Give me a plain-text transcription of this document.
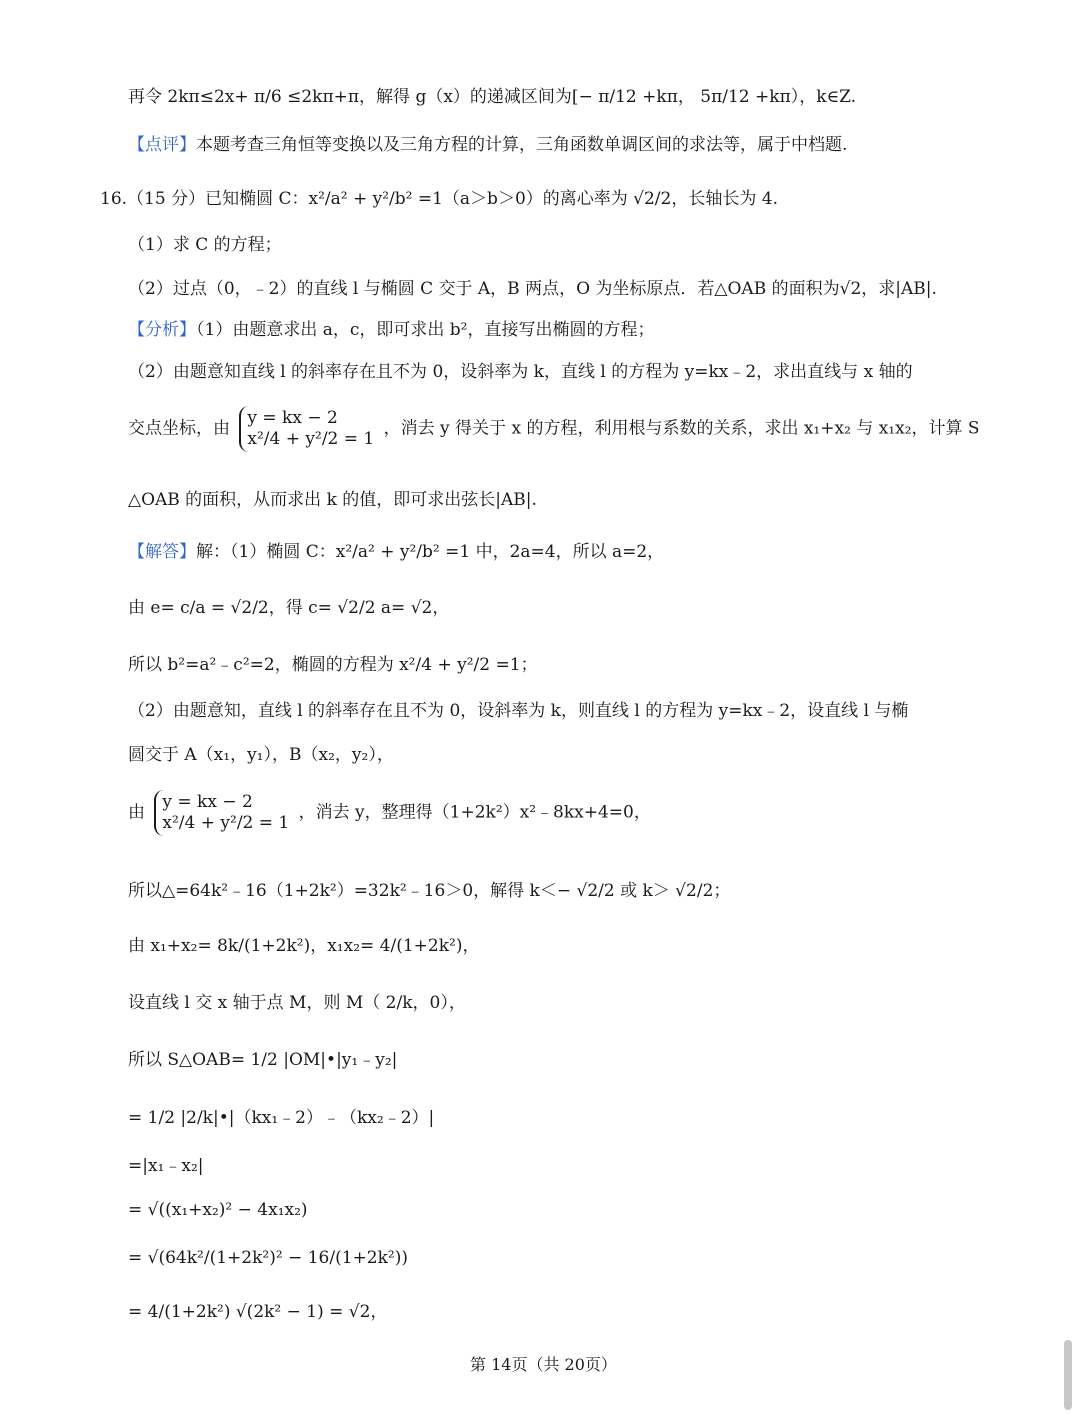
再令 2kπ≤2x+ π/6 ≤2kπ+π，解得 g（x）的递减区间为[− π/12 +kπ， 5π/12 +kπ），k∈Z.
【点评】本题考查三角恒等变换以及三角方程的计算，三角函数单调区间的求法等，属于中档题.
16.（15 分）已知椭圆 C：x²/a² + y²/b² =1（a＞b＞0）的离心率为 √2/2，长轴长为 4.
（1）求 C 的方程；
（2）过点（0，﹣2）的直线 l 与椭圆 C 交于 A，B 两点，O 为坐标原点．若△OAB 的面积为√2，求|AB|.
【分析】（1）由题意求出 a，c，即可求出 b²，直接写出椭圆的方程；
（2）由题意知直线 l 的斜率存在且不为 0，设斜率为 k，直线 l 的方程为 y=kx﹣2，求出直线与 x 轴的
交点坐标，由
y = kx − 2
x²/4 + y²/2 = 1
，消去 y 得关于 x 的方程，利用根与系数的关系，求出 x₁+x₂ 与 x₁x₂，计算 S
△OAB 的面积，从而求出 k 的值，即可求出弦长|AB|.
【解答】解：（1）椭圆 C：x²/a² + y²/b² =1 中，2a=4，所以 a=2，
由 e= c/a = √2/2，得 c= √2/2 a= √2，
所以 b²=a²﹣c²=2，椭圆的方程为 x²/4 + y²/2 =1；
（2）由题意知，直线 l 的斜率存在且不为 0，设斜率为 k，则直线 l 的方程为 y=kx﹣2，设直线 l 与椭
圆交于 A（x₁，y₁），B（x₂，y₂），
由
y = kx − 2
x²/4 + y²/2 = 1
，消去 y，整理得（1+2k²）x²﹣8kx+4=0，
所以△=64k²﹣16（1+2k²）=32k²﹣16＞0，解得 k＜− √2/2 或 k＞ √2/2；
由 x₁+x₂= 8k/(1+2k²)，x₁x₂= 4/(1+2k²)，
设直线 l 交 x 轴于点 M，则 M（ 2/k，0），
所以 S△OAB= 1/2 |OM|•|y₁﹣y₂|
= 1/2 |2/k|•|（kx₁﹣2）﹣（kx₂﹣2）|
=|x₁﹣x₂|
= √((x₁+x₂)² − 4x₁x₂)
= √(64k²/(1+2k²)² − 16/(1+2k²))
= 4/(1+2k²) √(2k² − 1) = √2，
第 14页（共 20页）
